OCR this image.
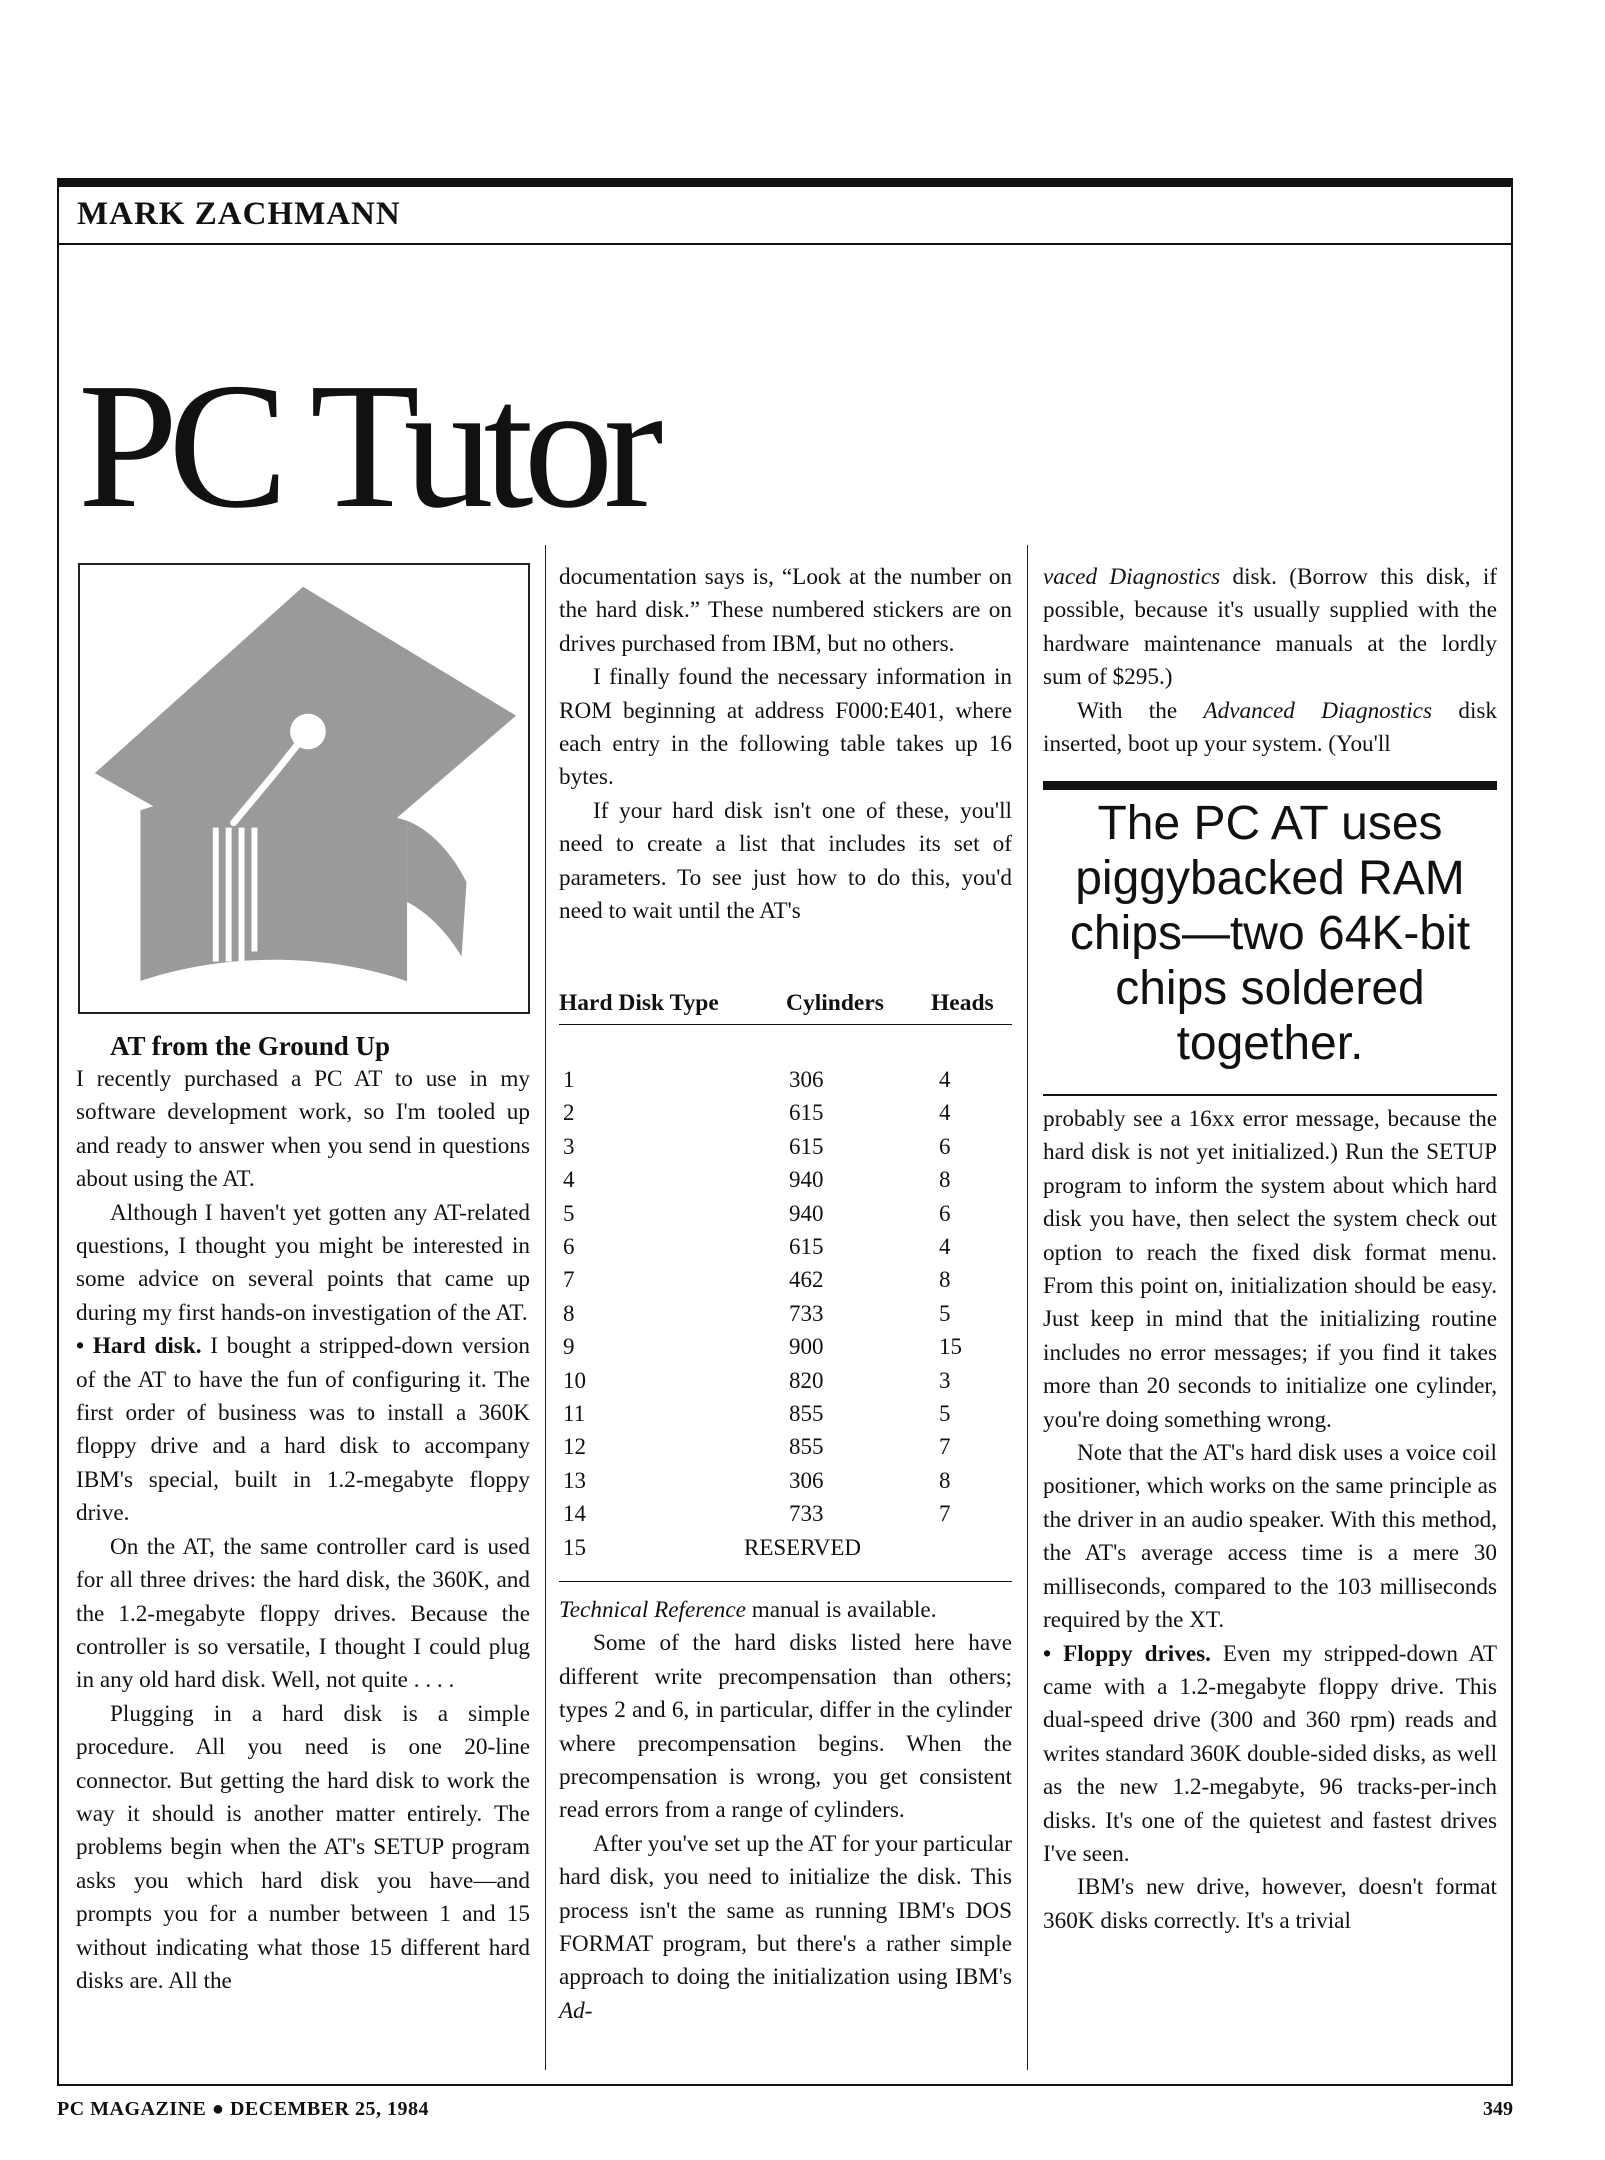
MARK ZACHMANN
PC Tutor

AT from the Ground Up

I recently purchased a PC AT to use in my software development work, so I'm tooled up and ready to answer when you send in questions about using the AT.

Although I haven't yet gotten any AT-related questions, I thought you might be interested in some advice on several points that came up during my first hands-on investigation of the AT.

• Hard disk. I bought a stripped-down version of the AT to have the fun of configuring it. The first order of business was to install a 360K floppy drive and a hard disk to accompany IBM's special, built in 1.2-megabyte floppy drive.

On the AT, the same controller card is used for all three drives: the hard disk, the 360K, and the 1.2-megabyte floppy drives. Because the controller is so versatile, I thought I could plug in any old hard disk. Well, not quite . . . .

Plugging in a hard disk is a simple procedure. All you need is one 20-line connector. But getting the hard disk to work the way it should is another matter entirely. The problems begin when the AT's SETUP program asks you which hard disk you have—and prompts you for a number between 1 and 15 without indicating what those 15 different hard disks are. All the

documentation says is, “Look at the number on the hard disk.” These numbered stickers are on drives purchased from IBM, but no others.

I finally found the necessary information in ROM beginning at address F000:E401, where each entry in the following table takes up 16 bytes.

If your hard disk isn't one of these, you'll need to create a list that includes its set of parameters. To see just how to do this, you'd need to wait until the AT's

Hard Disk Type	Cylinders Heads
1	306	4
2	615	4
3	615	6
4	940	8
5	940	6
6	615	4
7	462	8
8	733	5
9	900	15
10	820	3
11	855	5
12	855	7
13	306	8
14	733	7
15	RESERVED

Technical Reference manual is available.

Some of the hard disks listed here have different write precompensation than others; types 2 and 6, in particular, differ in the cylinder where precompensation begins. When the precompensation is wrong, you get consistent read errors from a range of cylinders.

After you've set up the AT for your particular hard disk, you need to initialize the disk. This process isn't the same as running IBM's DOS FORMAT program, but there's a rather simple approach to doing the initialization using IBM's Ad-

vaced Diagnostics disk. (Borrow this disk, if possible, because it's usually supplied with the hardware maintenance manuals at the lordly sum of $295.)

With the Advanced Diagnostics disk inserted, boot up your system. (You'll

The PC AT uses piggybacked RAM chips—two 64K-bit chips soldered together.

probably see a 16xx error message, because the hard disk is not yet initialized.) Run the SETUP program to inform the system about which hard disk you have, then select the system check out option to reach the fixed disk format menu. From this point on, initialization should be easy. Just keep in mind that the initializing routine includes no error messages; if you find it takes more than 20 seconds to initialize one cylinder, you're doing something wrong.

Note that the AT's hard disk uses a voice coil positioner, which works on the same principle as the driver in an audio speaker. With this method, the AT's average access time is a mere 30 milliseconds, compared to the 103 milliseconds required by the XT.

• Floppy drives. Even my stripped-down AT came with a 1.2-megabyte floppy drive. This dual-speed drive (300 and 360 rpm) reads and writes standard 360K double-sided disks, as well as the new 1.2-megabyte, 96 tracks-per-inch disks. It's one of the quietest and fastest drives I've seen.

IBM's new drive, however, doesn't format 360K disks correctly. It's a trivial

PC MAGAZINE ● DECEMBER 25, 1984	349
